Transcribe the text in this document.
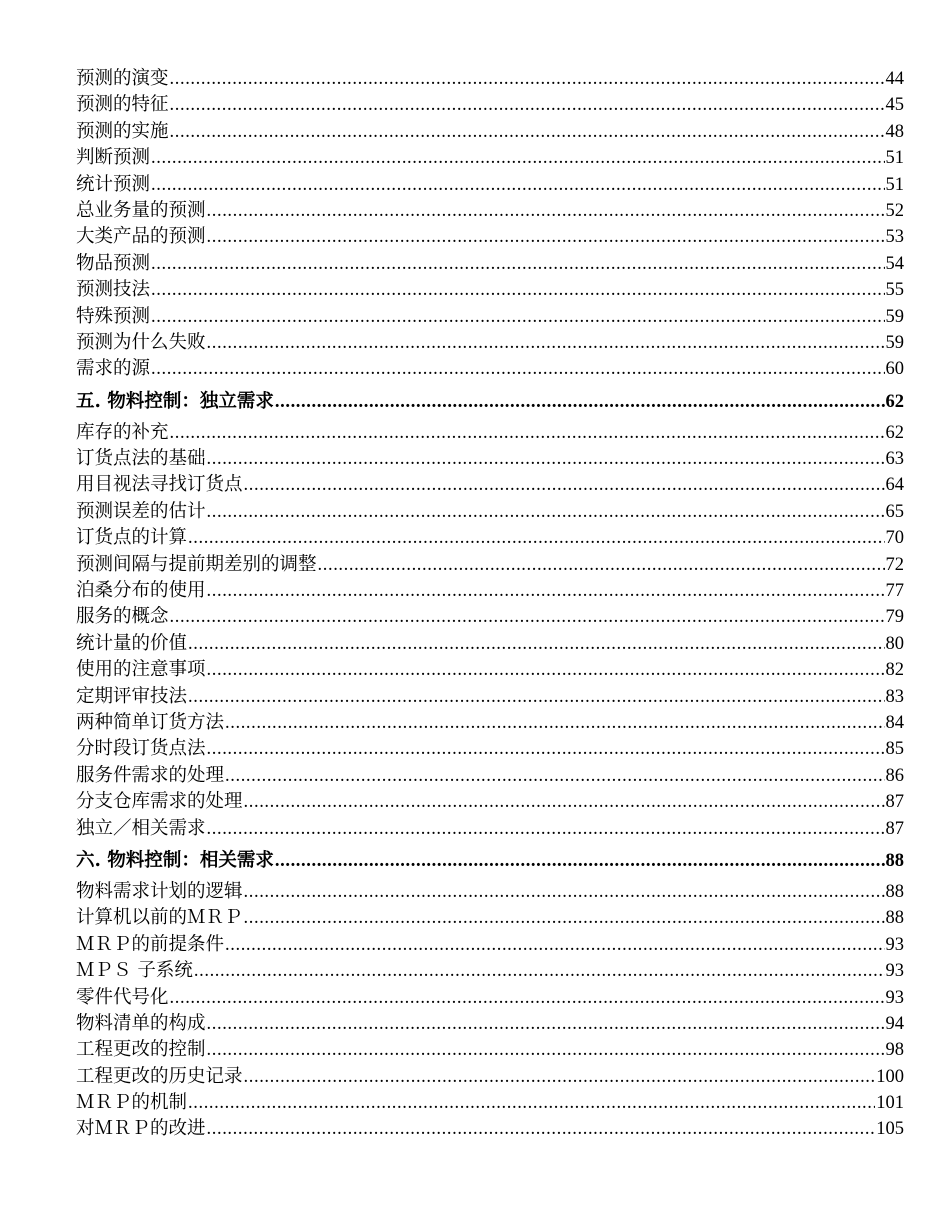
预测的演变 .....	44
预测的特征 .....	45
预测的实施 .....	48
判断预测 .....	51
统计预测 .....	51
总业务量的预测 .....	52
大类产品的预测 .....	53
物品预测 .....	54
预测技法 .....	55
特殊预测 .....	59
预测为什么失败 .....	59
需求的源 .....	60
五. 物料控制：独立需求 .....	62
库存的补充 .....	62
订货点法的基础 .....	63
用目视法寻找订货点 .....	64
预测误差的估计 .....	65
订货点的计算 .....	70
预测间隔与提前期差别的调整 .....	72
泊桑分布的使用 .....	77
服务的概念 .....	79
统计量的价值 .....	80
使用的注意事项 .....	82
定期评审技法 .....	83
两种简单订货方法 .....	84
分时段订货点法 .....	85
服务件需求的处理 .....	86
分支仓库需求的处理 .....	87
独立／相关需求 .....	87
六. 物料控制：相关需求 .....	88
物料需求计划的逻辑 .....	88
计算机以前的ＭＲＰ .....	88
ＭＲＰ的前提条件 .....	93
ＭＰＳ 子系统 .....	93
零件代号化 .....	93
物料清单的构成 .....	94
工程更改的控制 .....	98
工程更改的历史记录 .....	100
ＭＲＰ的机制 .....	101
对ＭＲＰ的改进 .....	105
